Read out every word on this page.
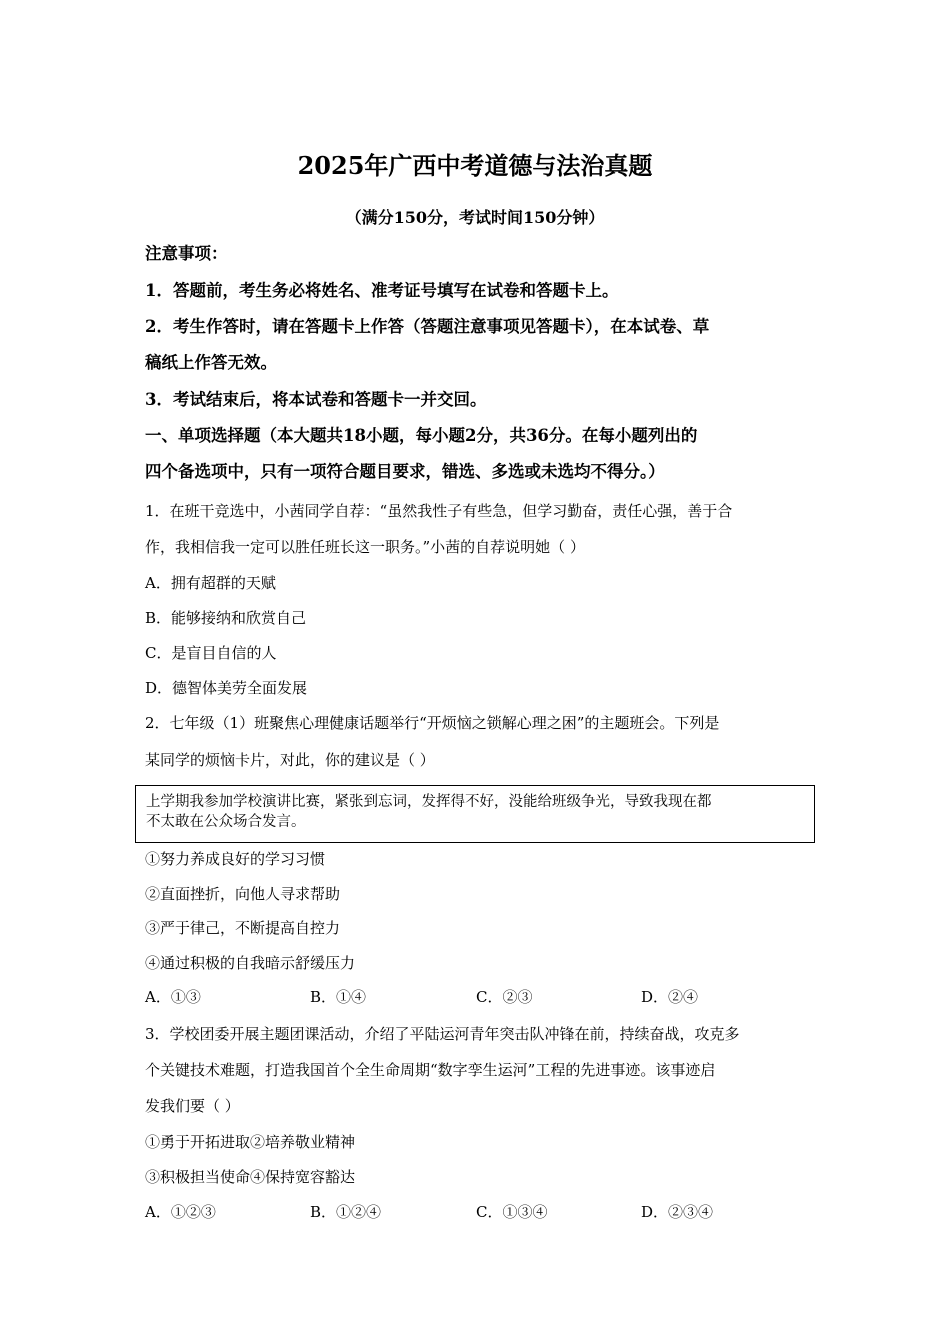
2025年广西中考道德与法治真题
（满分150分，考试时间150分钟）
注意事项：
1．答题前，考生务必将姓名、准考证号填写在试卷和答题卡上。
2．考生作答时，请在答题卡上作答（答题注意事项见答题卡），在本试卷、草
稿纸上作答无效。
3．考试结束后，将本试卷和答题卡一并交回。
一、单项选择题（本大题共18小题，每小题2分，共36分。在每小题列出的
四个备选项中，只有一项符合题目要求，错选、多选或未选均不得分。）
1．在班干竞选中，小茜同学自荐：“虽然我性子有些急，但学习勤奋，责任心强，善于合
作，我相信我一定可以胜任班长这一职务。”小茜的自荐说明她（ ）
A．拥有超群的天赋
B．能够接纳和欣赏自己
C．是盲目自信的人
D．德智体美劳全面发展
2．七年级（1）班聚焦心理健康话题举行“开烦恼之锁解心理之困”的主题班会。下列是
某同学的烦恼卡片，对此，你的建议是（ ）
上学期我参加学校演讲比赛，紧张到忘词，发挥得不好，没能给班级争光，导致我现在都
不太敢在公众场合发言。
①努力养成良好的学习习惯
②直面挫折，向他人寻求帮助
③严于律己，不断提高自控力
④通过积极的自我暗示舒缓压力
A．①③	B．①④	C．②③	D．②④
3．学校团委开展主题团课活动，介绍了平陆运河青年突击队冲锋在前，持续奋战，攻克多
个关键技术难题，打造我国首个全生命周期“数字孪生运河”工程的先进事迹。该事迹启
发我们要（ ）
①勇于开拓进取②培养敬业精神
③积极担当使命④保持宽容豁达
A．①②③	B．①②④	C．①③④	D．②③④
